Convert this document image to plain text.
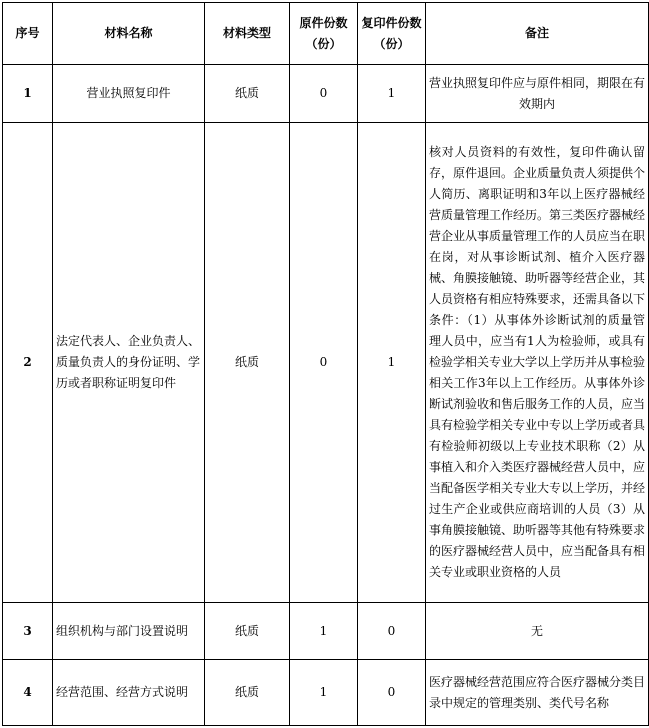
序号	材料名称	材料类型	原件份数（份）	复印件份数（份）	备注
1	营业执照复印件	纸质	0	1	营业执照复印件应与原件相同，期限在有效期内
2	法定代表人、企业负责人、质量负责人的身份证明、学历或者职称证明复印件	纸质	0	1	核对人员资料的有效性，复印件确认留存，原件退回。企业质量负责人须提供个人简历、离职证明和3年以上医疗器械经营质量管理工作经历。第三类医疗器械经营企业从事质量管理工作的人员应当在职在岗，对从事诊断试剂、植介入医疗器械、角膜接触镜、助听器等经营企业，其人员资格有相应特殊要求，还需具备以下条件：（1）从事体外诊断试剂的质量管理人员中，应当有1人为检验师，或具有检验学相关专业大学以上学历并从事检验相关工作3年以上工作经历。从事体外诊断试剂验收和售后服务工作的人员，应当具有检验学相关专业中专以上学历或者具有检验师初级以上专业技术职称（2）从事植入和介入类医疗器械经营人员中，应当配备医学相关专业大专以上学历，并经过生产企业或供应商培训的人员（3）从事角膜接触镜、助听器等其他有特殊要求的医疗器械经营人员中，应当配备具有相关专业或职业资格的人员
3	组织机构与部门设置说明	纸质	1	0	无
4	经营范围、经营方式说明	纸质	1	0	医疗器械经营范围应符合医疗器械分类目录中规定的管理类别、类代号名称
